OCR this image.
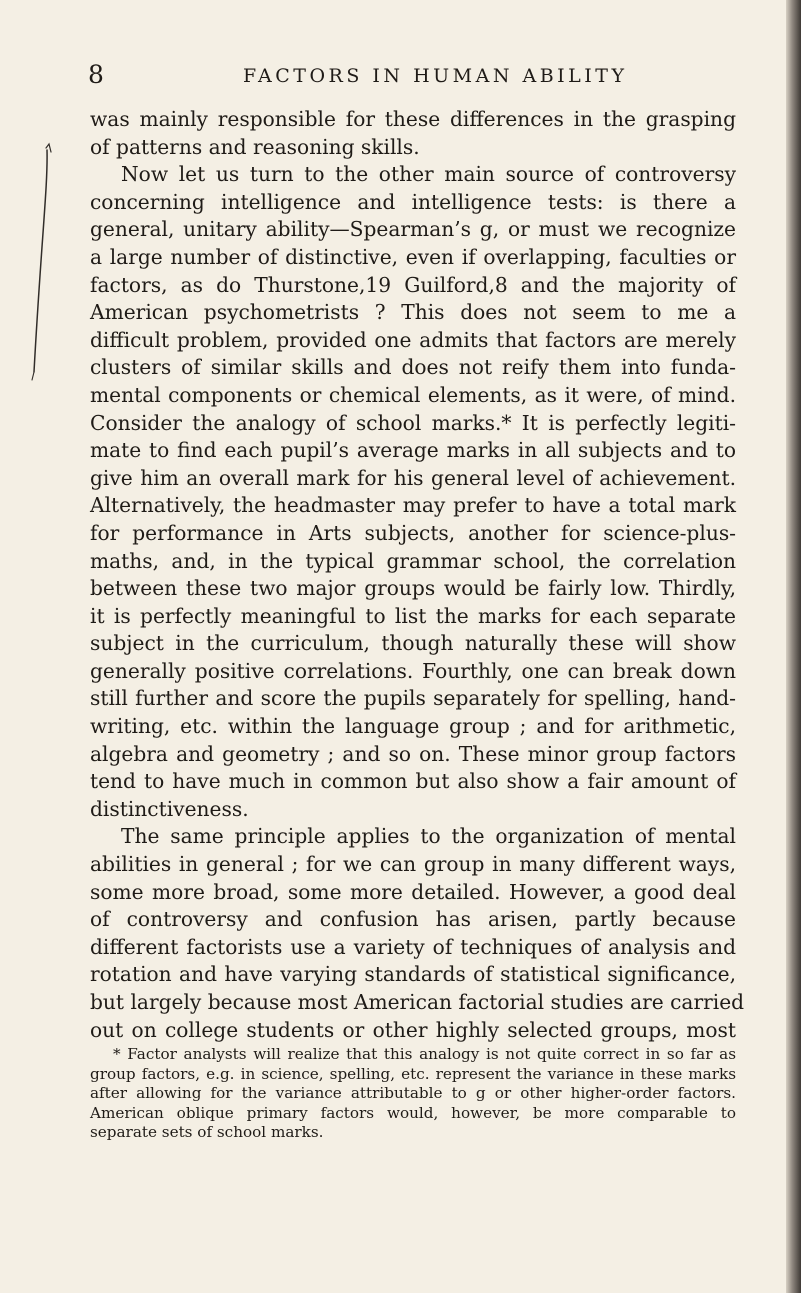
8	FACTORS IN HUMAN ABILITY
was mainly responsible for these differences in the grasping
of patterns and reasoning skills.
Now let us turn to the other main source of controversy
concerning intelligence and intelligence tests: is there a
general, unitary ability—Spearman’s g, or must we recognize
a large number of distinctive, even if overlapping, faculties or
factors, as do Thurstone,19 Guilford,8 and the majority of
American psychometrists ? This does not seem to me a
difficult problem, provided one admits that factors are merely
clusters of similar skills and does not reify them into funda-
mental components or chemical elements, as it were, of mind.
Consider the analogy of school marks.* It is perfectly legiti-
mate to find each pupil’s average marks in all subjects and to
give him an overall mark for his general level of achievement.
Alternatively, the headmaster may prefer to have a total mark
for performance in Arts subjects, another for science-plus-
maths, and, in the typical grammar school, the correlation
between these two major groups would be fairly low. Thirdly,
it is perfectly meaningful to list the marks for each separate
subject in the curriculum, though naturally these will show
generally positive correlations. Fourthly, one can break down
still further and score the pupils separately for spelling, hand-
writing, etc. within the language group ; and for arithmetic,
algebra and geometry ; and so on. These minor group factors
tend to have much in common but also show a fair amount of
distinctiveness.
The same principle applies to the organization of mental
abilities in general ; for we can group in many different ways,
some more broad, some more detailed. However, a good deal
of controversy and confusion has arisen, partly because
different factorists use a variety of techniques of analysis and
rotation and have varying standards of statistical significance,
but largely because most American factorial studies are carried
out on college students or other highly selected groups, most
* Factor analysts will realize that this analogy is not quite correct in so far as
group factors, e.g. in science, spelling, etc. represent the variance in these marks
after allowing for the variance attributable to g or other higher-order factors.
American oblique primary factors would, however, be more comparable to
separate sets of school marks.
